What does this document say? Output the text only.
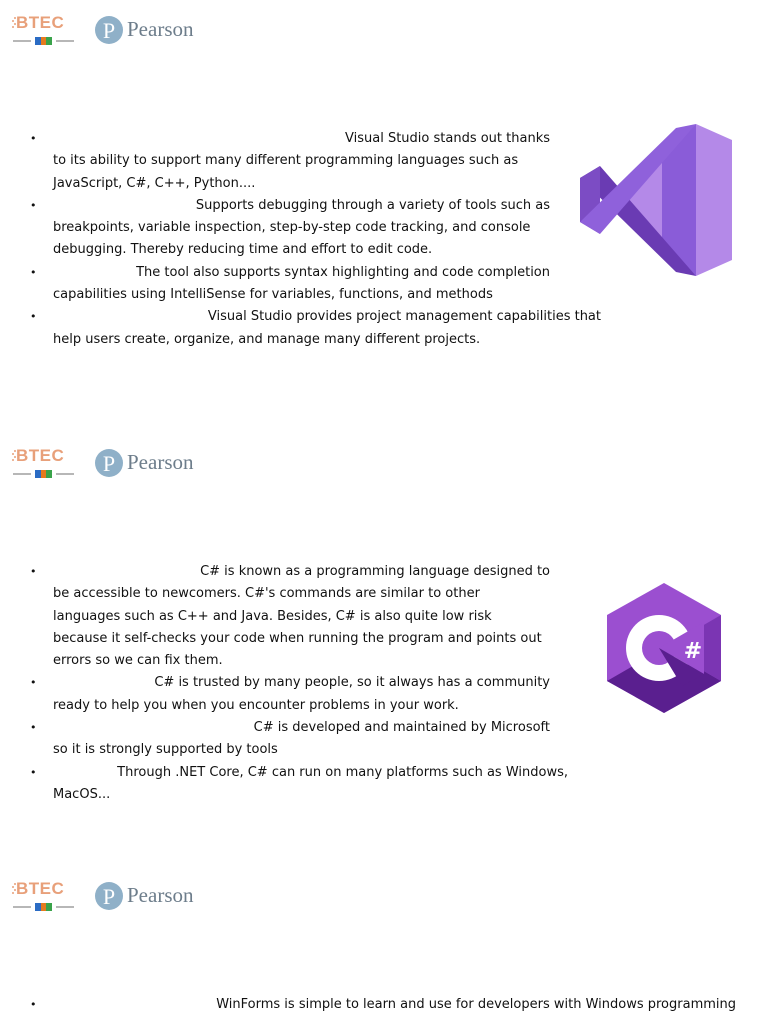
BTEC P Pearson
•	Visual Studio stands out thanks
to its ability to support many different programming languages such as JavaScript, C#, C++, Python....
•	Supports debugging through a variety of tools such as
breakpoints, variable inspection, step-by-step code tracking, and console debugging. Thereby reducing time and effort to edit code.
•	The tool also supports syntax highlighting and code completion
capabilities using IntelliSense for variables, functions, and methods
•	Visual Studio provides project management capabilities that
help users create, organize, and manage many different projects.
BTEC P Pearson
•	C# is known as a programming language designed to
be accessible to newcomers. C#'s commands are similar to other languages such as C++ and Java. Besides, C# is also quite low risk because it self-checks your code when running the program and points out errors so we can fix them.
•	C# is trusted by many people, so it always has a community
ready to help you when you encounter problems in your work.
•	C# is developed and maintained by Microsoft
so it is strongly supported by tools
•	Through .NET Core, C# can run on many platforms such as Windows,
MacOS...
#
BTEC P Pearson
•	WinForms is simple to learn and use for developers with Windows programming
